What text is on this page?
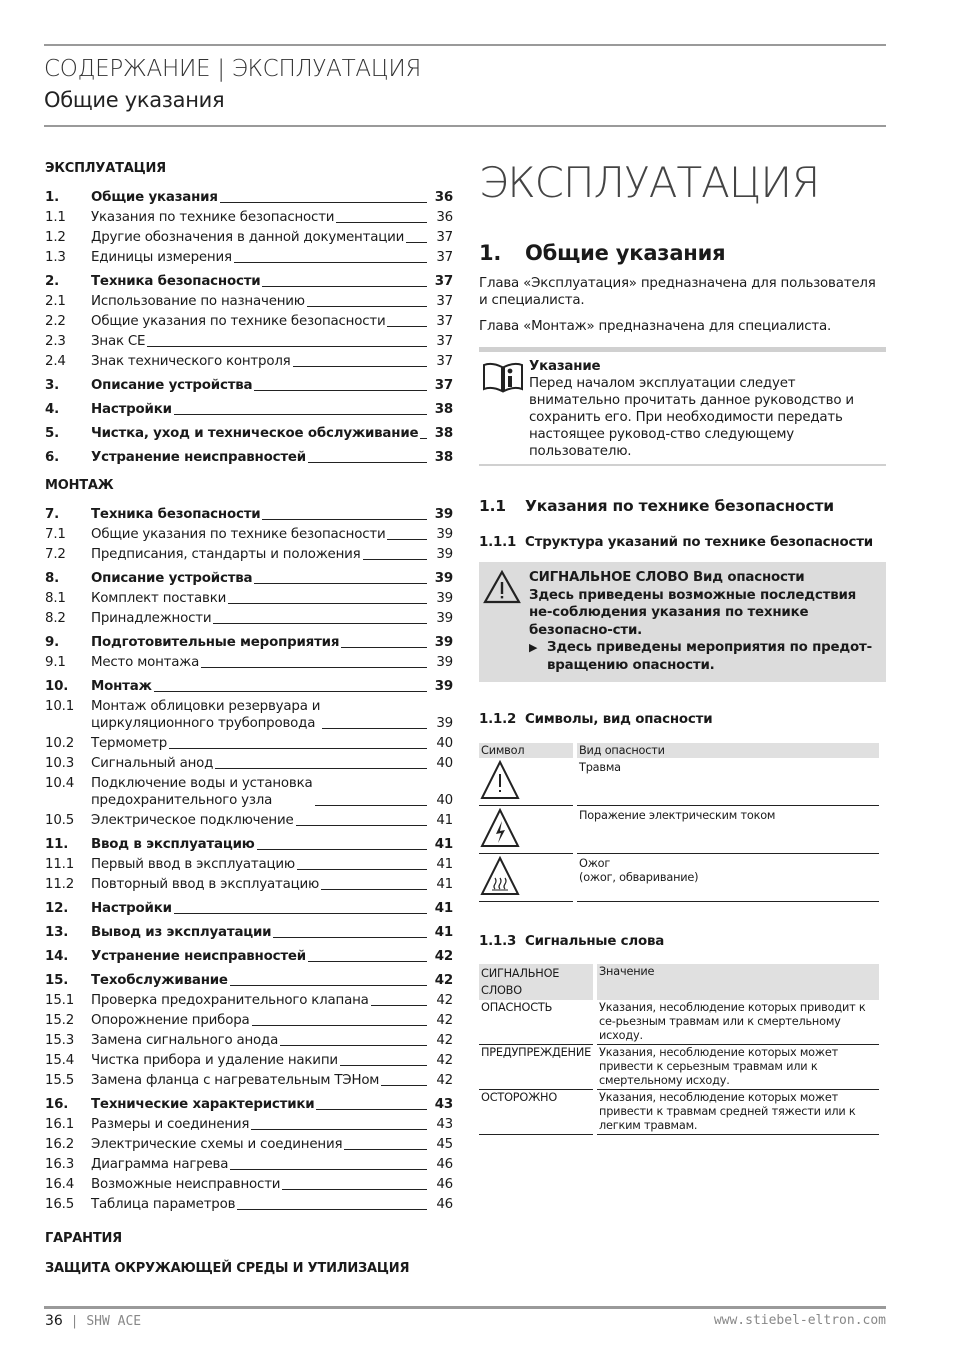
СОДЕРЖАНИЕ | ЭКСПЛУАТАЦИЯ
Общие указания
ЭКСПЛУАТАЦИЯ
1.	Общие указания	36
1.1	Указания по технике безопасности	36
1.2	Другие обозначения в данной документации 37
1.3	Единицы измерения	37
2.	Техника безопасности	37
2.1	Использование по назначению	37
2.2	Общие указания по технике безопасности	37
2.3	Знак CE	37
2.4	Знак технического контроля	37
3.	Описание устройства	37
4.	Настройки	38
5.	Чистка, уход и техническое обслуживание 38
6.	Устранение неисправностей	38
МОНТАЖ
7.	Техника безопасности	39
7.1	Общие указания по технике безопасности	39
7.2	Предписания, стандарты и положения	39
8.	Описание устройства	39
8.1	Комплект поставки	39
8.2	Принадлежности	39
9.	Подготовительные мероприятия	39
9.1	Место монтажа	39
10.	Монтаж	39
10.1	Монтаж облицовки резервуара и
циркуляционного трубопровода	39
10.2	Термометр	40
10.3	Сигнальный анод	40
10.4	Подключение воды и установка
предохранительного узла	40
10.5	Электрическое подключение	41
11.	Ввод в эксплуатацию	41
11.1	Первый ввод в эксплуатацию	41
11.2	Повторный ввод в эксплуатацию	41
12.	Настройки	41
13.	Вывод из эксплуатации	41
14.	Устранение неисправностей	42
15.	Техобслуживание	42
15.1	Проверка предохранительного клапана	42
15.2	Опорожнение прибора	42
15.3	Замена сигнального анода	42
15.4	Чистка прибора и удаление накипи	42
15.5	Замена фланца с нагревательным ТЭНом	42
16.	Технические характеристики	43
16.1	Размеры и соединения	43
16.2	Электрические схемы и соединения	45
16.3	Диаграмма нагрева	46
16.4	Возможные неисправности	46
16.5	Таблица параметров	46
ГАРАНТИЯ
ЗАЩИТА ОКРУЖАЮЩЕЙ СРЕДЫ И УТИЛИЗАЦИЯ
ЭКСПЛУАТАЦИЯ
1.	Общие указания

Глава «Эксплуатация» предназначена для пользователя и специалиста.

Глава «Монтаж» предназначена для специалиста.

Указание
Перед началом эксплуатации следует внимательно прочитать данное руководство и сохранить его. При необходимости передать настоящее руковод-ство следующему пользователю.
1.1	Указания по технике безопасности
1.1.1 Структура указаний по технике безопасности
СИГНАЛЬНОЕ СЛОВО Вид опасности
Здесь приведены возможные последствия не-соблюдения указания по технике безопасно-сти.
▶ Здесь приведены мероприятия по предот-вращению опасности.
1.1.2 Символы, вид опасности
Символ	Вид опасности
	Травма
	Поражение электрическим током
	Ожог
(ожог, обваривание)
1.1.3 Сигнальные слова
СИГНАЛЬНОЕ СЛОВО	Значение
ОПАСНОСТЬ	Указания, несоблюдение которых приводит к се-рьезным травмам или к смертельному исходу.
ПРЕДУПРЕЖДЕНИЕ	Указания, несоблюдение которых может привести к серьезным травмам или к смертельному исходу.
ОСТОРОЖНО	Указания, несоблюдение которых может привести к травмам средней тяжести или к легким травмам.
36 | SHW ACE	www.stiebel-eltron.com
